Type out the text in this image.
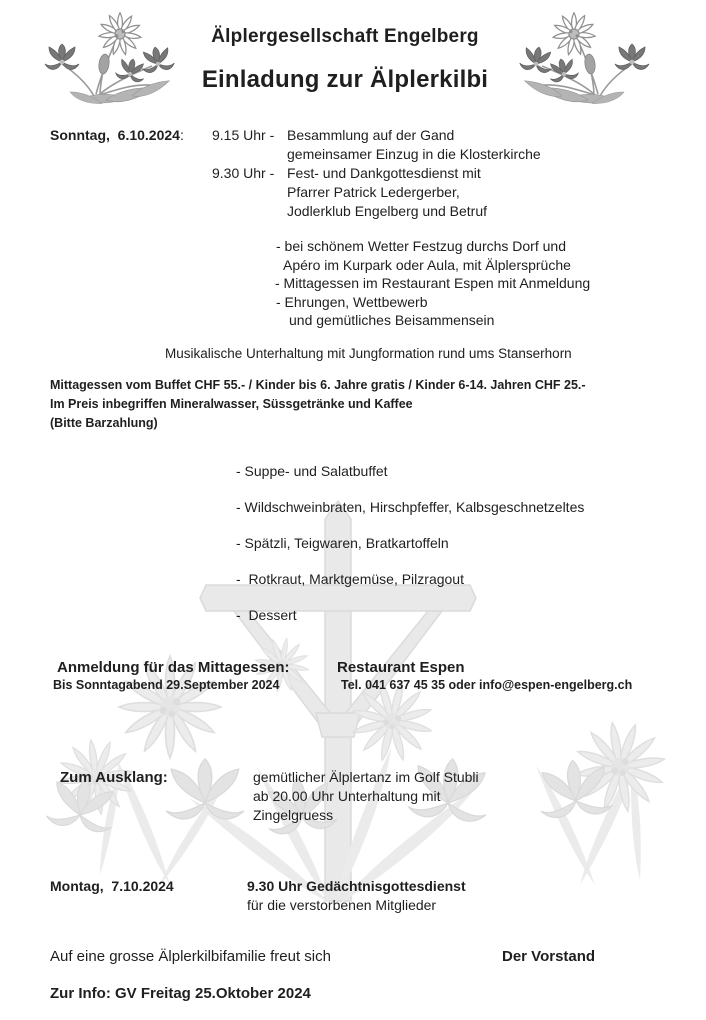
Älplergesellschaft Engelberg
Einladung zur Älplerkilbi
Sonntag,  6.10.2024: 9.15 Uhr - Besammlung auf der Gand
gemeinsamer Einzug in die Klosterkirche
9.30 Uhr - Fest- und Dankgottesdienst mit
Pfarrer Patrick Ledergerber,
Jodlerklub Engelberg und Betruf
- bei schönem Wetter Festzug durchs Dorf und
Apéro im Kurpark oder Aula, mit Älplersprüche
- Mittagessen im Restaurant Espen mit Anmeldung
- Ehrungen, Wettbewerb
und gemütliches Beisammensein
Musikalische Unterhaltung mit Jungformation rund ums Stanserhorn
Mittagessen vom Buffet CHF 55.- / Kinder bis 6. Jahre gratis / Kinder 6-14. Jahren CHF 25.-
Im Preis inbegriffen Mineralwasser, Süssgetränke und Kaffee
(Bitte Barzahlung)
- Suppe- und Salatbuffet
- Wildschweinbraten, Hirschpfeffer, Kalbsgeschnetzeltes
- Spätzli, Teigwaren, Bratkartoffeln
-  Rotkraut, Marktgemüse, Pilzragout
-  Dessert
Anmeldung für das Mittagessen:	Restaurant Espen
Bis Sonntagabend 29.September 2024	Tel. 041 637 45 35 oder info@espen-engelberg.ch
Zum Ausklang:	gemütlicher Älplertanz im Golf Stubli
ab 20.00 Uhr Unterhaltung mit
Zingelgruess
Montag,  7.10.2024	9.30 Uhr Gedächtnisgottesdienst
für die verstorbenen Mitglieder
Auf eine grosse Älplerkilbifamilie freut sich	Der Vorstand
Zur Info: GV Freitag 25.Oktober 2024
